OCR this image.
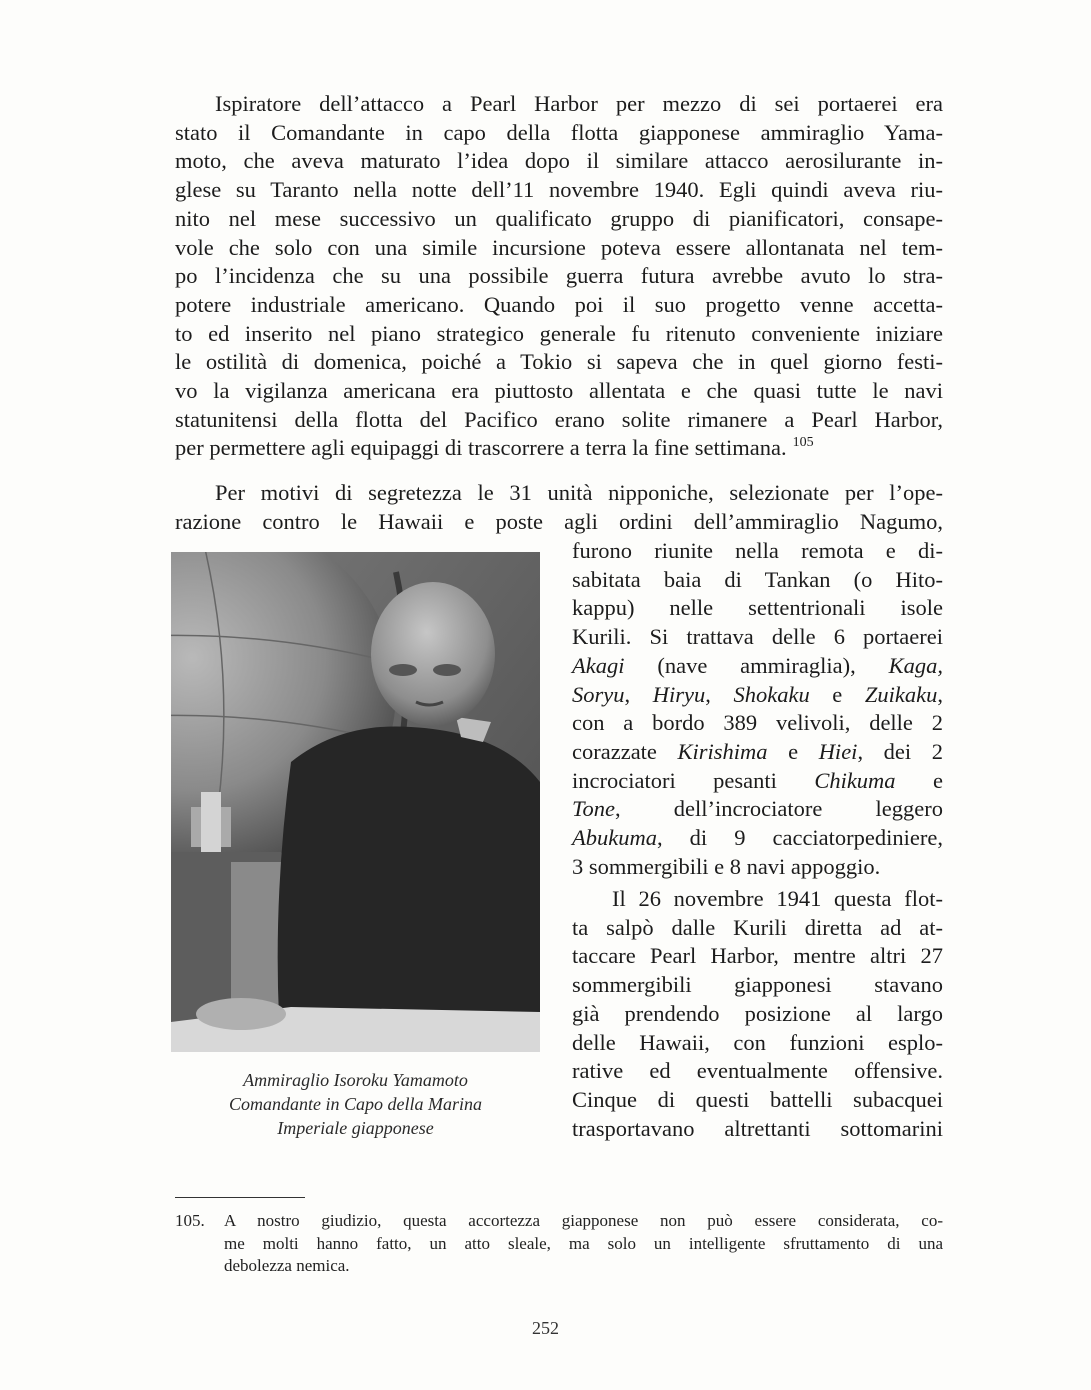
Ispiratore dell’attacco a Pearl Harbor per mezzo di sei portaerei era
stato il Comandante in capo della flotta giapponese ammiraglio Yama-
moto, che aveva maturato l’idea dopo il similare attacco aerosilurante in-
glese su Taranto nella notte dell’11 novembre 1940. Egli quindi aveva riu-
nito nel mese successivo un qualificato gruppo di pianificatori, consape-
vole che solo con una simile incursione poteva essere allontanata nel tem-
po l’incidenza che su una possibile guerra futura avrebbe avuto lo stra-
potere industriale americano. Quando poi il suo progetto venne accetta-
to ed inserito nel piano strategico generale fu ritenuto conveniente iniziare
le ostilità di domenica, poiché a Tokio si sapeva che in quel giorno festi-
vo la vigilanza americana era piuttosto allentata e che quasi tutte le navi
statunitensi della flotta del Pacifico erano solite rimanere a Pearl Harbor,
per permettere agli equipaggi di trascorrere a terra la fine settimana. $^{105}$

Per motivi di segretezza le 31 unità nipponiche, selezionate per l’ope-
razione contro le Hawaii e poste agli ordini dell’ammiraglio Nagumo,

furono riunite nella remota e di-
sabitata baia di Tankan (o Hito-
kappu) nelle settentrionali isole
Kurili. Si trattava delle 6 portaerei
Akagi (nave ammiraglia), Kaga,
Soryu, Hiryu, Shokaku e Zuikaku,
con a bordo 389 velivoli, delle 2
corazzate Kirishima e Hiei, dei 2
incrociatori pesanti Chikuma e
Tone, dell’incrociatore leggero
Abukuma, di 9 cacciatorpediniere,
3 sommergibili e 8 navi appoggio.

Il 26 novembre 1941 questa flot-
ta salpò dalle Kurili diretta ad at-
taccare Pearl Harbor, mentre altri 27
sommergibili giapponesi stavano
già prendendo posizione al largo
delle Hawaii, con funzioni esplo-
rative ed eventualmente offensive.
Cinque di questi battelli subacquei
trasportavano altrettanti sottomarini

Ammiraglio Isoroku Yamamoto
Comandante in Capo della Marina
Imperiale giapponese
105. A nostro giudizio, questa accortezza giapponese non può essere considerata, co-
me molti hanno fatto, un atto sleale, ma solo un intelligente sfruttamento di una
debolezza nemica.
252
